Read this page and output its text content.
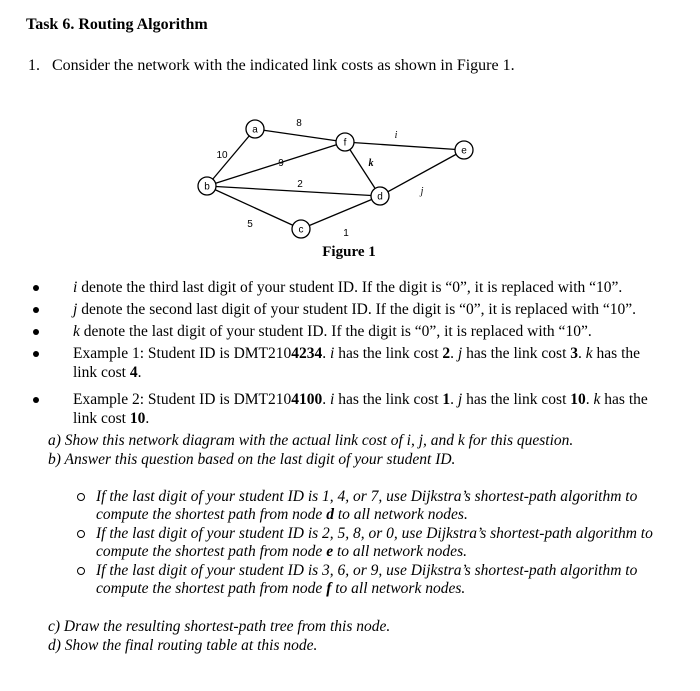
Task 6. Routing Algorithm
1. Consider the network with the indicated link costs as shown in Figure 1.
a
f
e
b
d
c
10
8
9
i
k
2
j
5
1
Figure 1
i denote the third last digit of your student ID. If the digit is “0”, it is replaced with “10”.
j denote the second last digit of your student ID. If the digit is “0”, it is replaced with “10”.
k denote the last digit of your student ID. If the digit is “0”, it is replaced with “10”.
Example 1: Student ID is DMT2104234. i has the link cost 2. j has the link cost 3. k has the link cost 4.
Example 2: Student ID is DMT2104100. i has the link cost 1. j has the link cost 10. k has the link cost 10.
a) Show this network diagram with the actual link cost of i, j, and k for this question.
b) Answer this question based on the last digit of your student ID.
If the last digit of your student ID is 1, 4, or 7, use Dijkstra’s shortest-path algorithm to compute the shortest path from node d to all network nodes.
If the last digit of your student ID is 2, 5, 8, or 0, use Dijkstra’s shortest-path algorithm to compute the shortest path from node e to all network nodes.
If the last digit of your student ID is 3, 6, or 9, use Dijkstra’s shortest-path algorithm to compute the shortest path from node f to all network nodes.
c) Draw the resulting shortest-path tree from this node.
d) Show the final routing table at this node.
